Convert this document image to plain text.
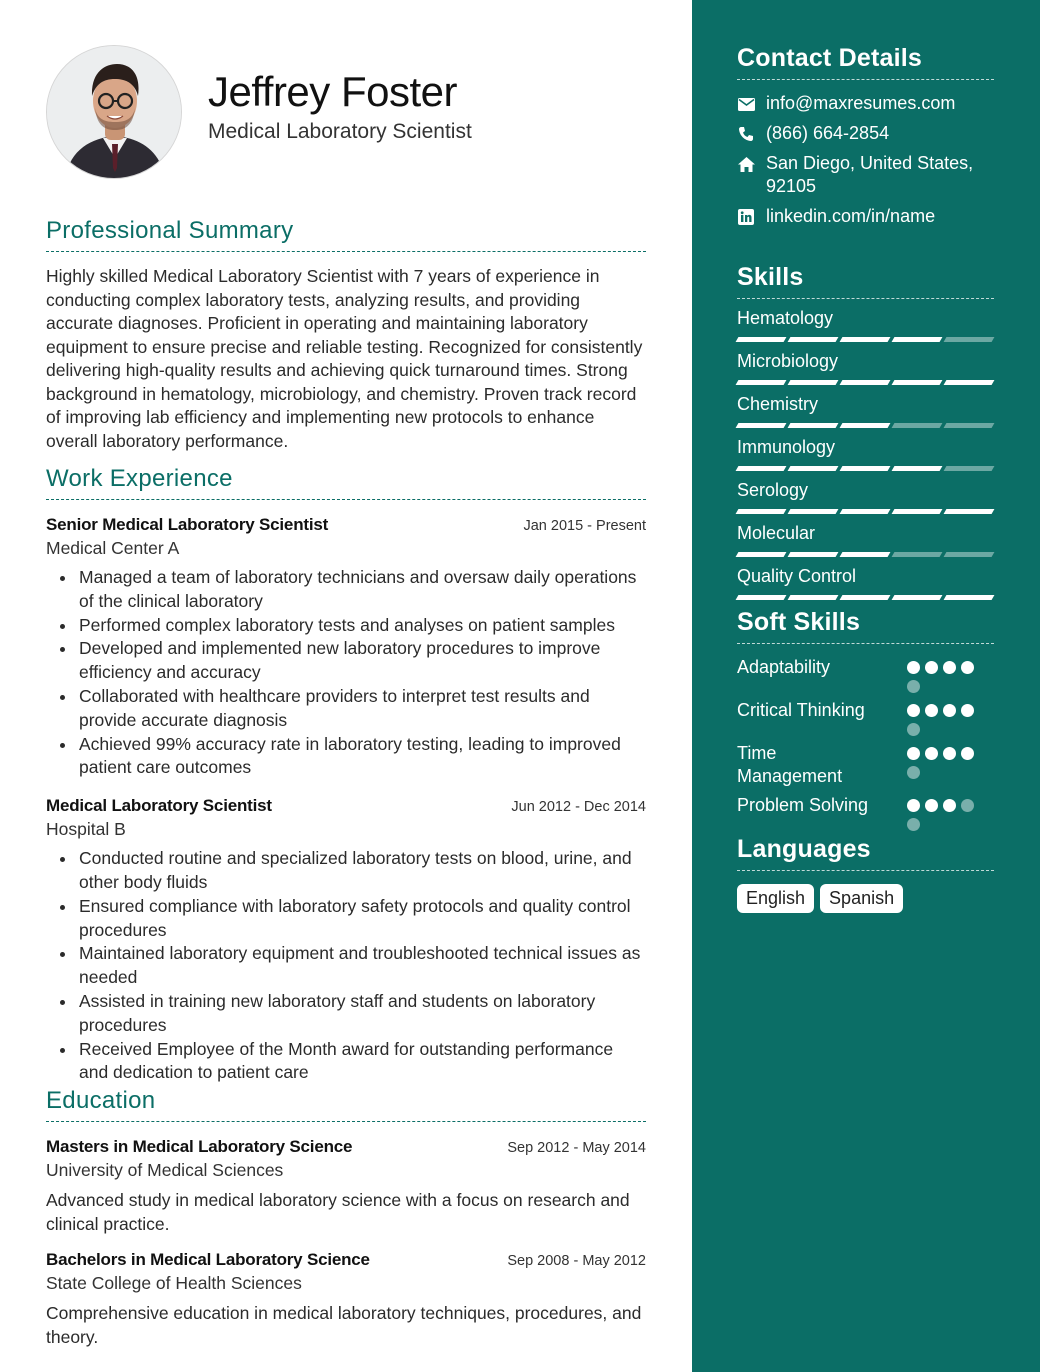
Jeffrey Foster
Medical Laboratory Scientist
Professional Summary

Highly skilled Medical Laboratory Scientist with 7 years of experience in conducting complex laboratory tests, analyzing results, and providing accurate diagnoses. Proficient in operating and maintaining laboratory equipment to ensure precise and reliable testing. Recognized for consistently delivering high-quality results and achieving quick turnaround times. Strong background in hematology, microbiology, and chemistry. Proven track record of improving lab efficiency and implementing new protocols to enhance overall laboratory performance.

Work Experience
Senior Medical Laboratory Scientist	Jan 2015 - Present
Medical Center A
Managed a team of laboratory technicians and oversaw daily operations of the clinical laboratory
Performed complex laboratory tests and analyses on patient samples
Developed and implemented new laboratory procedures to improve efficiency and accuracy
Collaborated with healthcare providers to interpret test results and provide accurate diagnosis
Achieved 99% accuracy rate in laboratory testing, leading to improved patient care outcomes
Medical Laboratory Scientist	Jun 2012 - Dec 2014
Hospital B
Conducted routine and specialized laboratory tests on blood, urine, and other body fluids
Ensured compliance with laboratory safety protocols and quality control procedures
Maintained laboratory equipment and troubleshooted technical issues as needed
Assisted in training new laboratory staff and students on laboratory procedures
Received Employee of the Month award for outstanding performance and dedication to patient care
Education
Masters in Medical Laboratory Science	Sep 2012 - May 2014
University of Medical Sciences

Advanced study in medical laboratory science with a focus on research and clinical practice.

Bachelors in Medical Laboratory Science	Sep 2008 - May 2012
State College of Health Sciences

Comprehensive education in medical laboratory techniques, procedures, and theory.

Contact Details
info@maxresumes.com
(866) 664-2854
San Diego, United States, 92105
linkedin.com/in/name
Skills
Hematology
Microbiology
Chemistry
Immunology
Serology
Molecular
Quality Control
Soft Skills
Adaptability
Critical Thinking
Time Management
Problem Solving
Languages
English	Spanish
